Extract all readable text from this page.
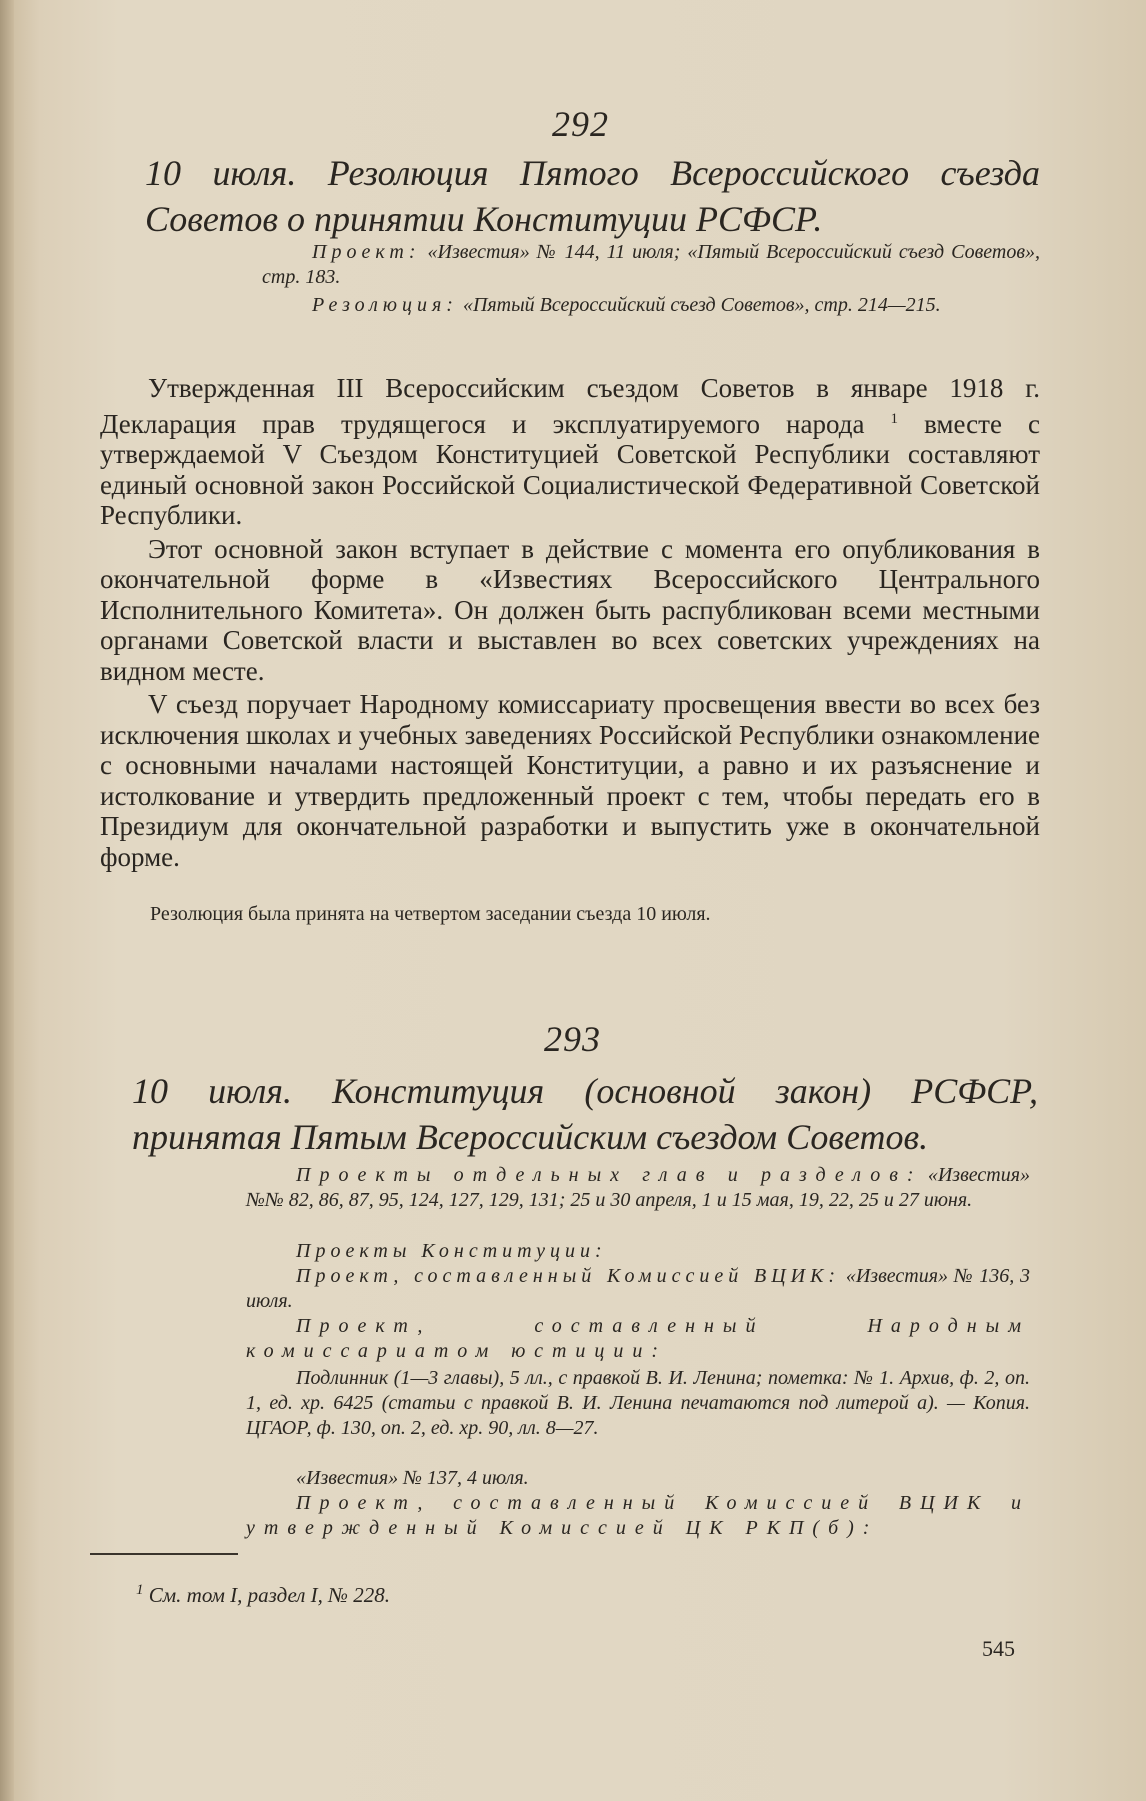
292
10 июля. Резолюция Пятого Всероссийского съезда Советов о принятии Конституции РСФСР.
Проект: «Известия» № 144, 11 июля; «Пятый Всероссийский съезд Советов», стр. 183.
Резолюция: «Пятый Всероссийский съезд Советов», стр. 214—215.

Утвержденная III Всероссийским съездом Советов в январе 1918 г. Декларация прав трудящегося и эксплуатируемого народа $^1$ вместе с утверждаемой V Съездом Конституцией Советской Республики составляют единый основной закон Российской Социалистической Федеративной Советской Республики.

Этот основной закон вступает в действие с момента его опубликования в окончательной форме в «Известиях Всероссийского Центрального Исполнительного Комитета». Он должен быть распубликован всеми местными органами Советской власти и выставлен во всех советских учреждениях на видном месте.

V съезд поручает Народному комиссариату просвещения ввести во всех без исключения школах и учебных заведениях Российской Республики ознакомление с основными началами настоящей Конституции, а равно и их разъяснение и истолкование и утвердить предложенный проект с тем, чтобы передать его в Президиум для окончательной разработки и выпустить уже в окончательной форме.

Резолюция была принята на четвертом заседании съезда 10 июля.
293
10 июля. Конституция (основной закон) РСФСР, принятая Пятым Всероссийским съездом Советов.
Проекты отдельных глав и разделов: «Известия» №№ 82, 86, 87, 95, 124, 127, 129, 131; 25 и 30 апреля, 1 и 15 мая, 19, 22, 25 и 27 июня.
Проекты Конституции:
Проект, составленный Комиссией ВЦИК: «Известия» № 136, 3 июля.
Проект, составленный Народным комиссариатом юстиции:
Подлинник (1—3 главы), 5 лл., с правкой В. И. Ленина; пометка: № 1. Архив, ф. 2, оп. 1, ед. хр. 6425 (статьи с правкой В. И. Ленина печатаются под литерой а). — Копия. ЦГАОР, ф. 130, оп. 2, ед. хр. 90, лл. 8—27.
«Известия» № 137, 4 июля.
Проект, составленный Комиссией ВЦИК и утвержденный Комиссией ЦК РКП(б):
$^1$ См. том I, раздел I, № 228.
545
